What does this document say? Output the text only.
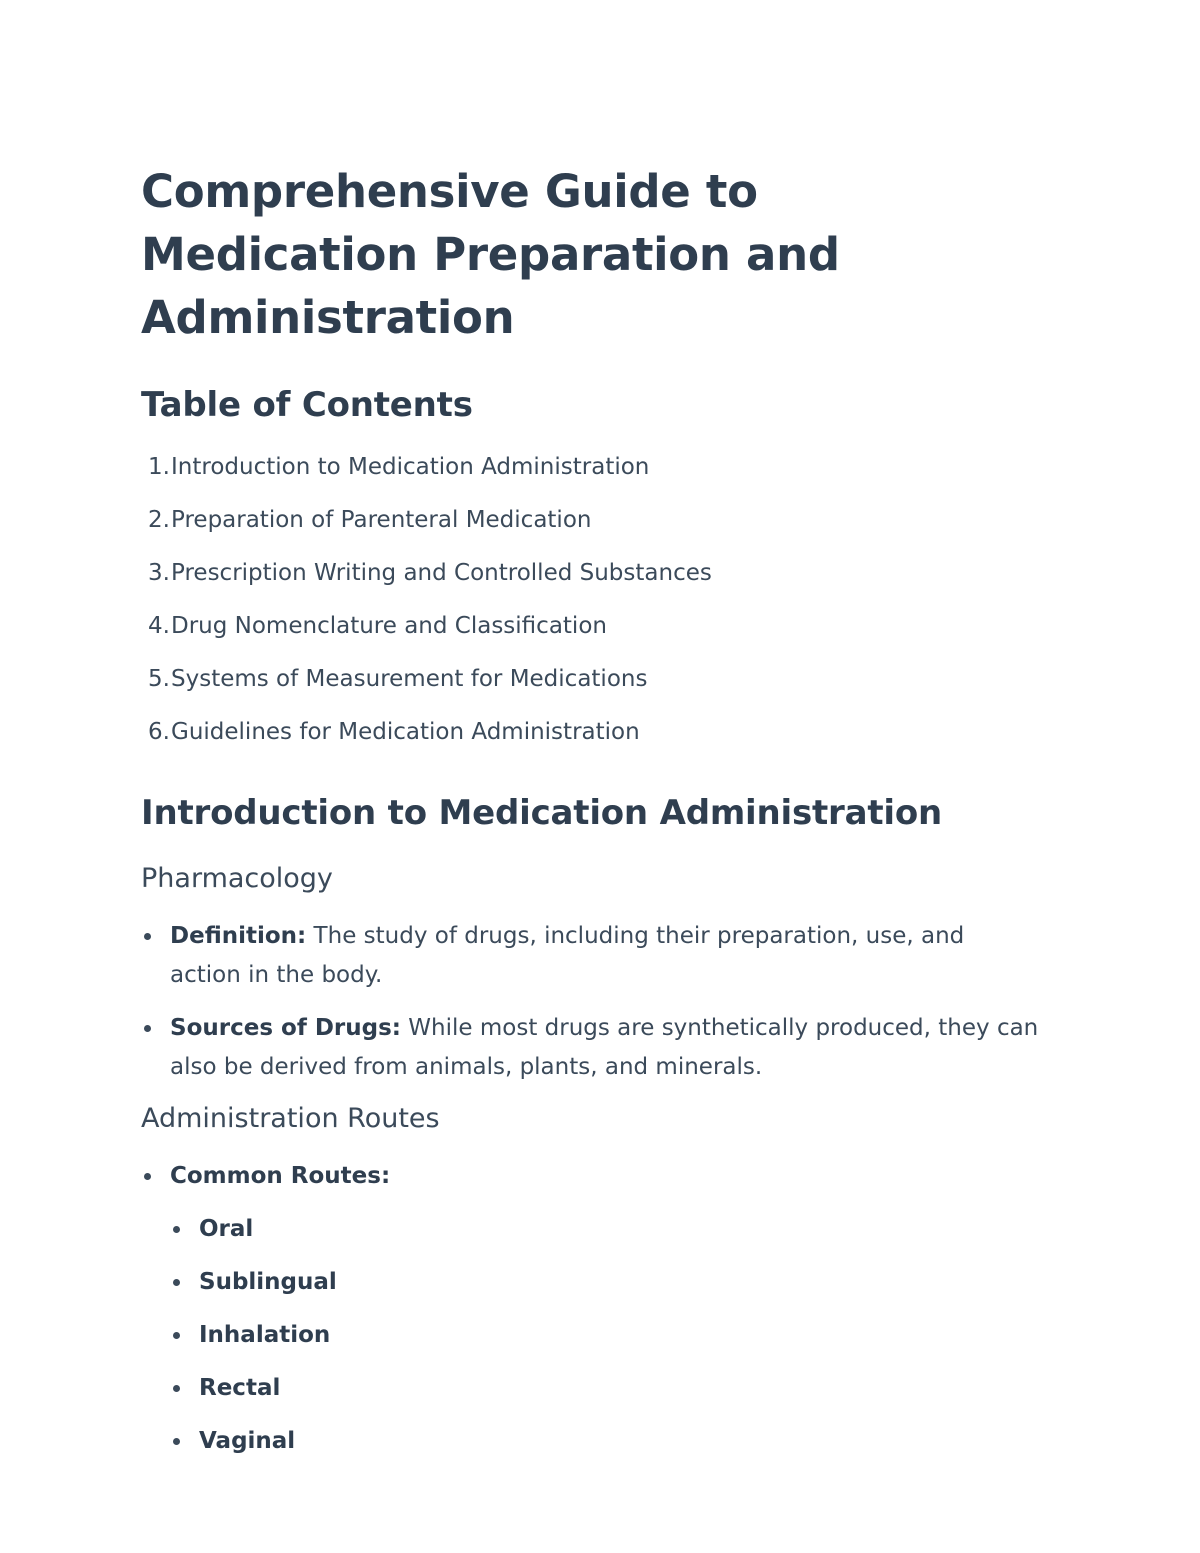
Comprehensive Guide to Medication Preparation and Administration
Table of Contents
1. Introduction to Medication Administration
2. Preparation of Parenteral Medication
3. Prescription Writing and Controlled Substances
4. Drug Nomenclature and Classification
5. Systems of Measurement for Medications
6. Guidelines for Medication Administration
Introduction to Medication Administration
Pharmacology
Definition: The study of drugs, including their preparation, use, and action in the body.
Sources of Drugs: While most drugs are synthetically produced, they can also be derived from animals, plants, and minerals.
Administration Routes
Common Routes:
Oral
Sublingual
Inhalation
Rectal
Vaginal
